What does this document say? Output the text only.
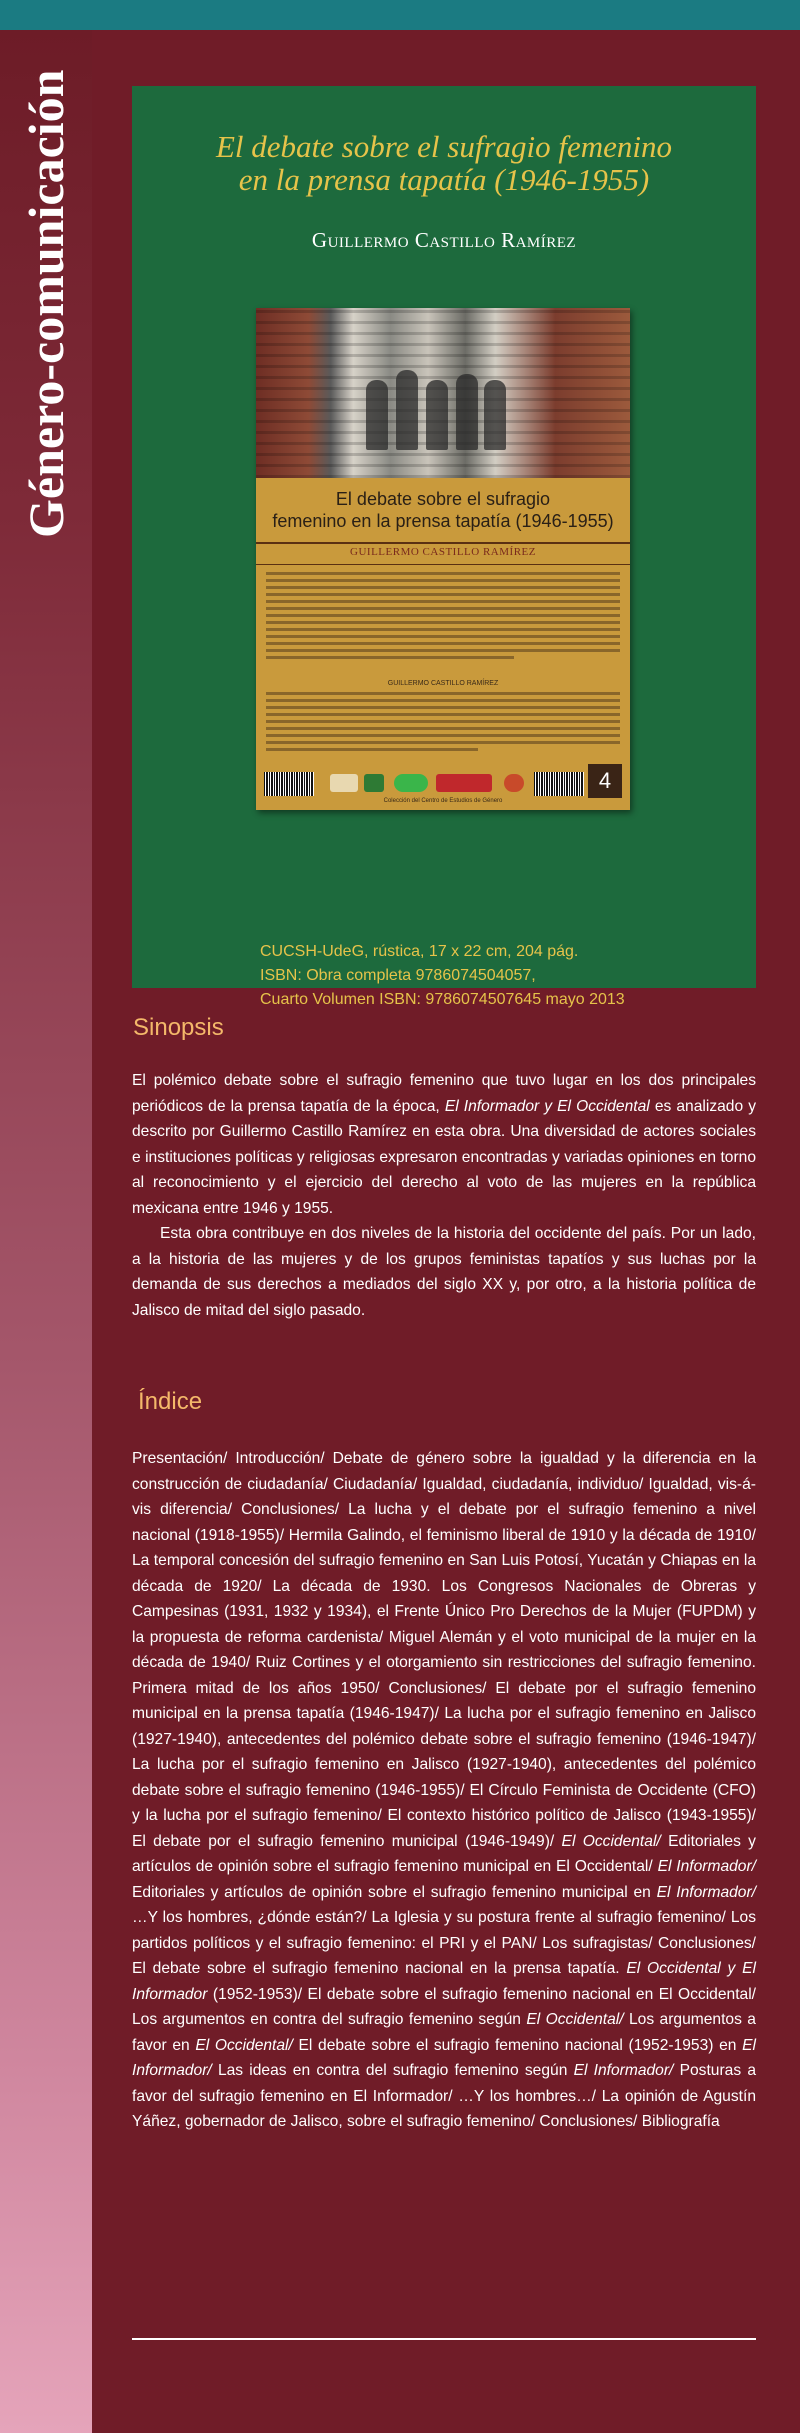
Género-comunicación	El debate sobre el sufragio femenino
en la prensa tapatía (1946-1955)
Guillermo Castillo Ramírez
El debate sobre el sufragio
femenino en la prensa tapatía (1946-1955)
GUILLERMO CASTILLO RAMÍREZ
GUILLERMO CASTILLO RAMÍREZ
4
Colección del Centro de Estudios de Género
CUCSH-UdeG, rústica, 17 x 22 cm, 204 pág.
ISBN: Obra completa 9786074504057,
Cuarto Volumen ISBN: 9786074507645 mayo 2013
Sinopsis

El polémico debate sobre el sufragio femenino que tuvo lugar en los dos principales periódicos de la prensa tapatía de la época, El Informador y El Occidental es analizado y descrito por Guillermo Castillo Ramírez en esta obra. Una diversidad de actores sociales e instituciones políticas y religiosas expresaron encontradas y variadas opiniones en torno al reconocimiento y el ejercicio del derecho al voto de las mujeres en la república mexicana entre 1946 y 1955.

Esta obra contribuye en dos niveles de la historia del occidente del país. Por un lado, a la historia de las mujeres y de los grupos feministas tapatíos y sus luchas por la demanda de sus derechos a mediados del siglo XX y, por otro, a la historia política de Jalisco de mitad del siglo pasado.

Índice

Presentación/ Introducción/ Debate de género sobre la igualdad y la diferencia en la construcción de ciudadanía/ Ciudadanía/ Igualdad, ciudadanía, individuo/ Igualdad, vis-á-vis diferencia/ Conclusiones/ La lucha y el debate por el sufragio femenino a nivel nacional (1918-1955)/ Hermila Galindo, el feminismo liberal de 1910 y la década de 1910/ La temporal concesión del sufragio femenino en San Luis Potosí, Yucatán y Chiapas en la década de 1920/ La década de 1930. Los Congresos Nacionales de Obreras y Campesinas (1931, 1932 y 1934), el Frente Único Pro Derechos de la Mujer (FUPDM) y la propuesta de reforma cardenista/ Miguel Alemán y el voto municipal de la mujer en la década de 1940/ Ruiz Cortines y el otorgamiento sin restricciones del sufragio femenino. Primera mitad de los años 1950/ Conclusiones/ El debate por el sufragio femenino municipal en la prensa tapatía (1946-1947)/ La lucha por el sufragio femenino en Jalisco (1927-1940), antecedentes del polémico debate sobre el sufragio femenino (1946-1947)/ La lucha por el sufragio femenino en Jalisco (1927-1940), antecedentes del polémico debate sobre el sufragio femenino (1946-1955)/ El Círculo Feminista de Occidente (CFO) y la lucha por el sufragio femenino/ El contexto histórico político de Jalisco (1943-1955)/ El debate por el sufragio femenino municipal (1946-1949)/ El Occidental/ Editoriales y artículos de opinión sobre el sufragio femenino municipal en El Occidental/ El Informador/ Editoriales y artículos de opinión sobre el sufragio femenino municipal en El Informador/ …Y los hombres, ¿dónde están?/ La Iglesia y su postura frente al sufragio femenino/ Los partidos políticos y el sufragio femenino: el PRI y el PAN/ Los sufragistas/ Conclusiones/ El debate sobre el sufragio femenino nacional en la prensa tapatía. El Occidental y El Informador (1952-1953)/ El debate sobre el sufragio femenino nacional en El Occidental/ Los argumentos en contra del sufragio femenino según El Occidental/ Los argumentos a favor en El Occidental/ El debate sobre el sufragio femenino nacional (1952-1953) en El Informador/ Las ideas en contra del sufragio femenino según El Informador/ Posturas a favor del sufragio femenino en El Informador/ …Y los hombres…/ La opinión de Agustín Yáñez, gobernador de Jalisco, sobre el sufragio femenino/ Conclusiones/ Bibliografía
